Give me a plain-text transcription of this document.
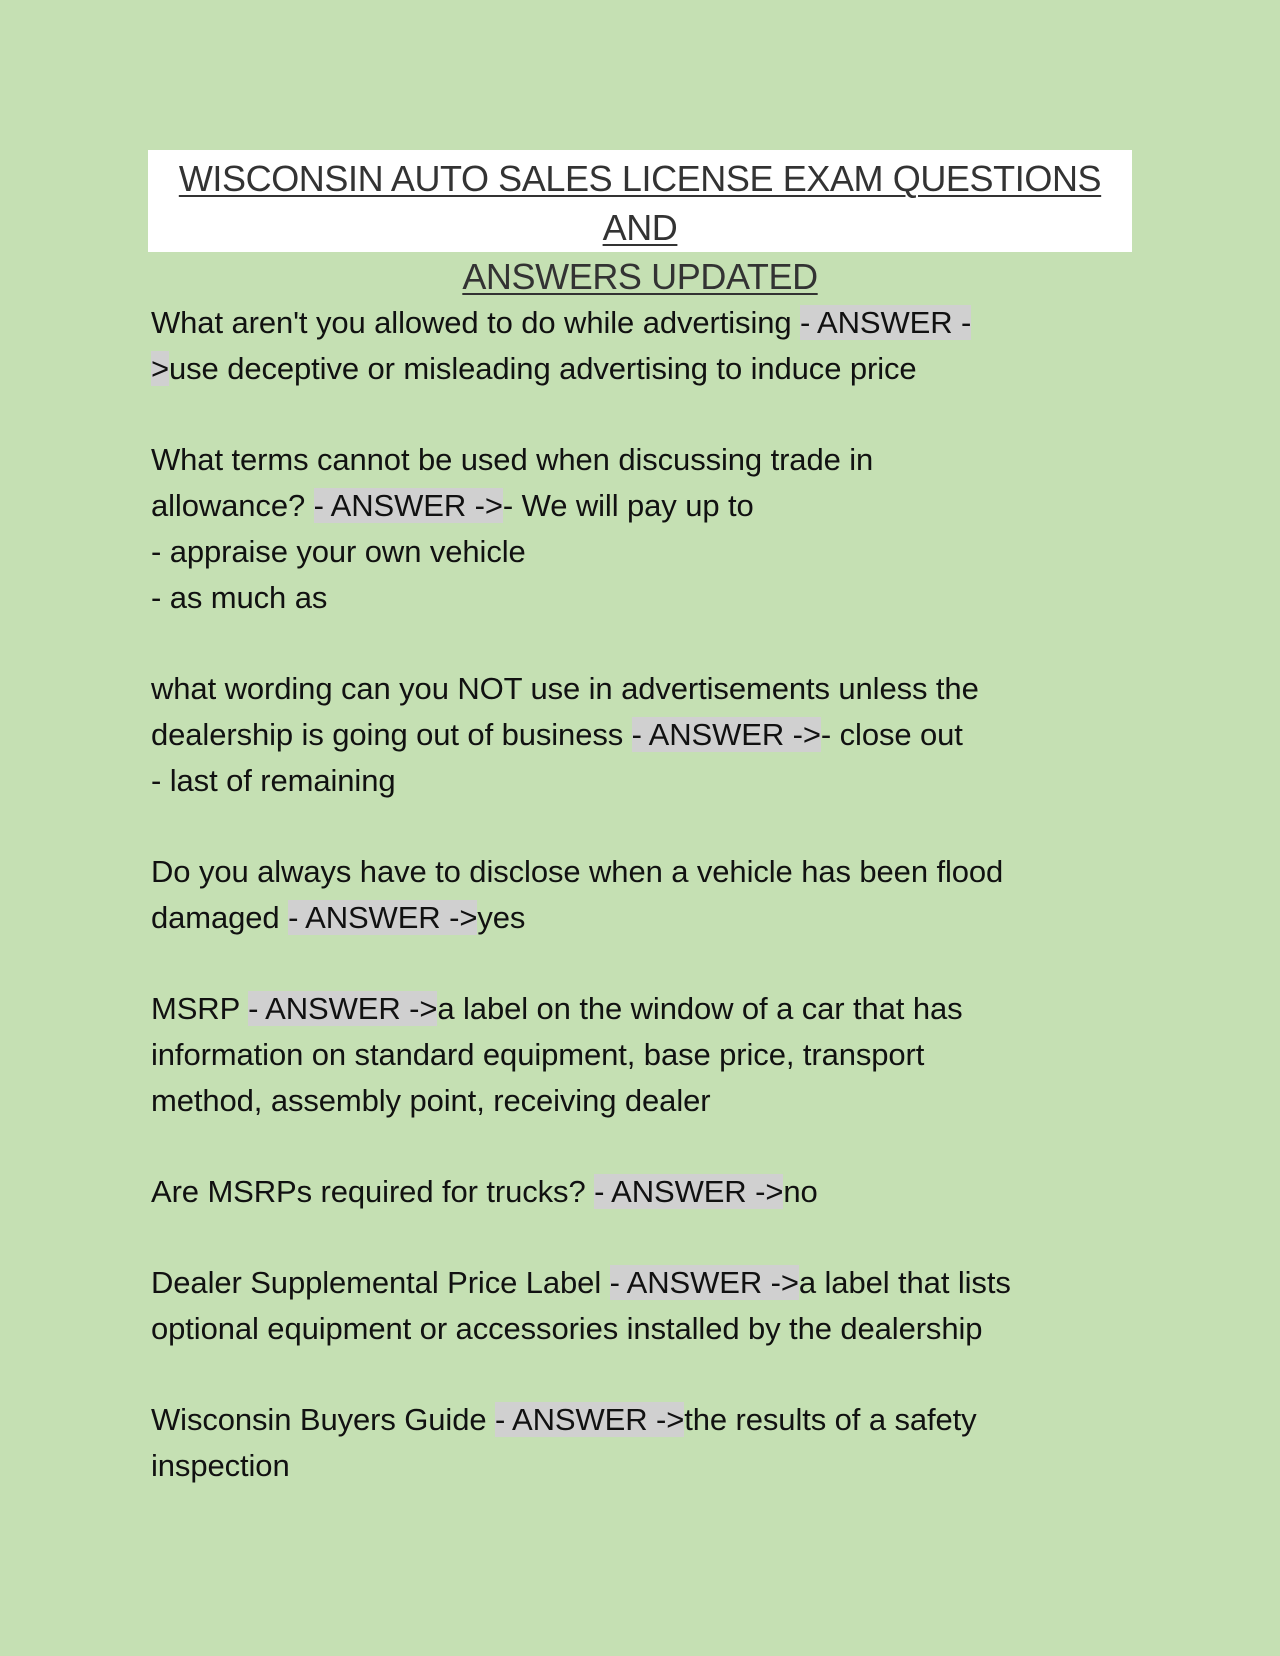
WISCONSIN AUTO SALES LICENSE EXAM QUESTIONS AND
ANSWERS UPDATED
What aren't you allowed to do while advertising - ANSWER -
>use deceptive or misleading advertising to induce price
What terms cannot be used when discussing trade in
allowance? - ANSWER ->- We will pay up to
- appraise your own vehicle
- as much as
what wording can you NOT use in advertisements unless the
dealership is going out of business - ANSWER ->- close out
- last of remaining
Do you always have to disclose when a vehicle has been flood
damaged - ANSWER ->yes
MSRP - ANSWER ->a label on the window of a car that has
information on standard equipment, base price, transport
method, assembly point, receiving dealer
Are MSRPs required for trucks? - ANSWER ->no
Dealer Supplemental Price Label - ANSWER ->a label that lists
optional equipment or accessories installed by the dealership
Wisconsin Buyers Guide - ANSWER ->the results of a safety
inspection
